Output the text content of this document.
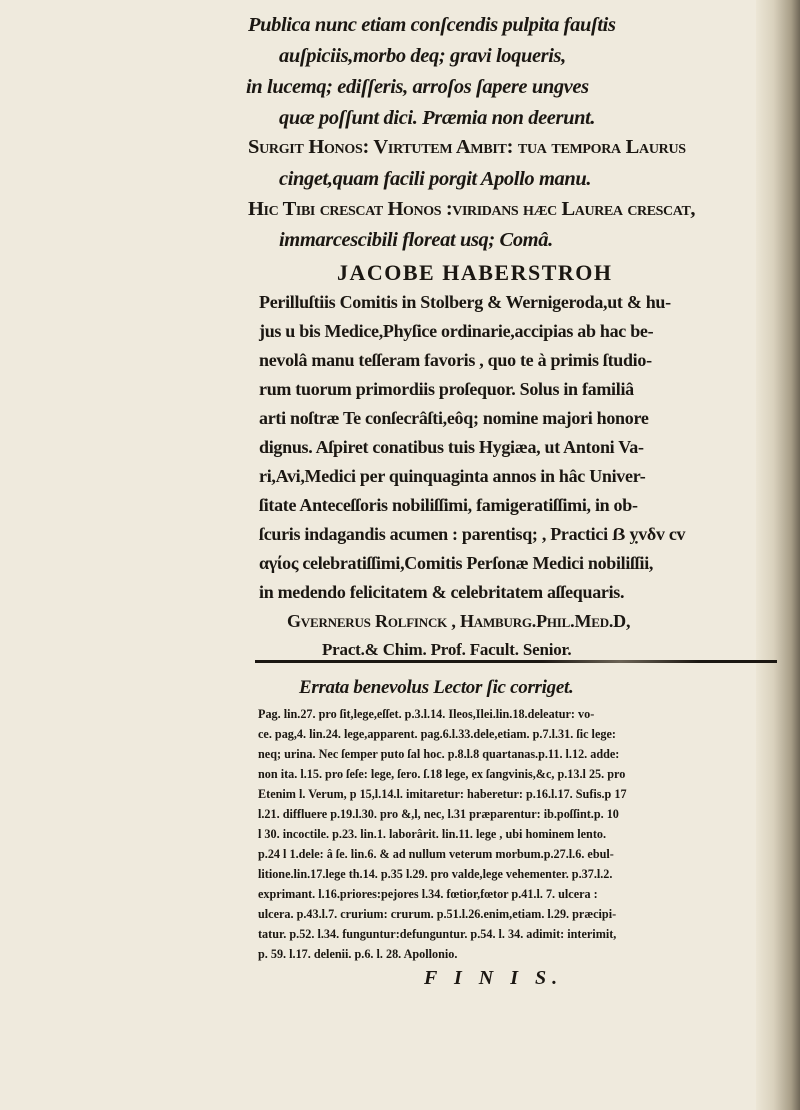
Publica nunc etiam conſcendis pulpita fauſtis
auſpiciis,morbo deq; gravi loqueris,
in lucemq; ediſſeris, arroſos ſapere ungves
quæ poſſunt dici. Præmia non deerunt.
Surgit Honos: Virtutem Ambit: tua tempora Laurus
cinget,quam facili porgit Apollo manu.
Hic Tibi creſcat Honos :viridans hæc Laurea creſcat,
immarcescibili floreat usq; Comâ.
JACOBE HABERSTROH
Perilluſtiis Comitis in Stolberg & Wernigeroda,ut & hu-
jus u bis Medice,Phyſice ordinarie,accipias ab hac be-
nevolâ manu teſſeram favoris , quo te à primis ſtudio-
rum tuorum primordiis proſequor. Solus in familiâ
arti noſtræ Te conſecrâſti,eôq; nomine majori honore
dignus. Aſpiret conatibus tuis Hygiæa, ut Antoni Va-
ri,Avi,Medici per quinquaginta annos in hâc Univer-
ſitate Anteceſſoris nobiliſſimi, famigeratiſſimi, in ob-
ſcuris indagandis acumen : parentisq; , Practici ẞ ỵvδv cv
αγίος celebratiſſimi,Comitis Perſonæ Medici nobiliſſii,
in medendo felicitatem & celebritatem aſſequaris.
Gvernerus Rolfinck , Hamburg.Phil.Med.D,
Pract.& Chim. Prof. Facult. Senior.
Errata benevolus Lector ſic corriget.
Pag. lin.27. pro ſit,lege,eſſet. p.3.l.14. Ileos,Ilei.lin.18.deleatur: vo-
ce. pag,4. lin.24. lege,apparent. pag.6.l.33.dele,etiam. p.7.l.31. ſic lege:
neq; urina. Nec ſemper puto ſal hoc. p.8.l.8 quartanas.p.11. l.12. adde:
non ita. l.15. pro ſeſe: lege, ſero. ſ.18 lege, ex ſangvinis,&c, p.13.l 25. pro
Etenim l. Verum, p 15,l.14.l. imitaretur: haberetur: p.16.l.17. Sufis.p 17
l.21. diffluere p.19.l.30. pro &,l, nec, l.31 præparentur: ib.poſſint.p. 10
l 30. incoctile. p.23. lin.1. laborârit. lin.11. lege , ubi hominem lento.
p.24 l 1.dele: â ſe. lin.6. & ad nullum veterum morbum.p.27.l.6. ebul-
litione.lin.17.lege th.14. p.35 l.29. pro valde,lege vehementer. p.37.l.2.
exprimant. l.16.priores:pejores l.34. fœtior,fœtor p.41.l. 7. ulcera :
ulcera. p.43.l.7. crurium: crurum. p.51.l.26.enim,etiam. l.29. præcipi-
tatur. p.52. l.34. funguntur:defunguntur. p.54. l. 34. adimit: interimit,
p. 59. l.17. delenii. p.6. l. 28. Apollonio.
F I N I S.
